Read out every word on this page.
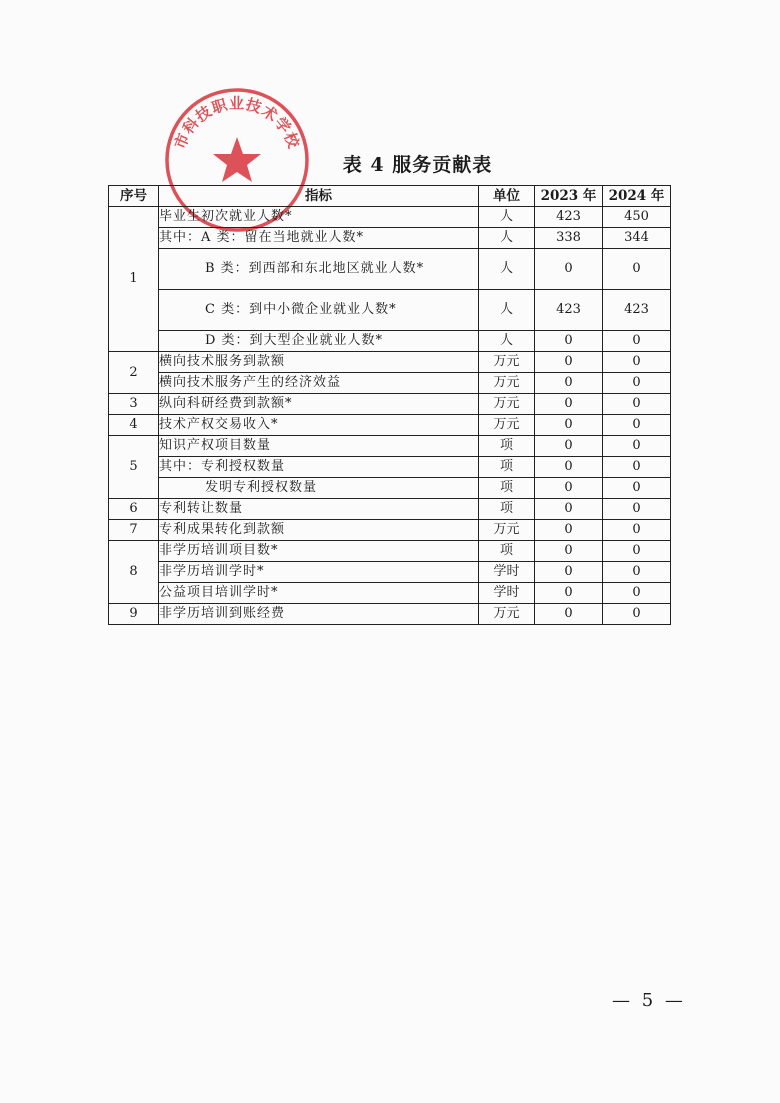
市科技职业技术学校
表 4 服务贡献表
序号	指标	单位	2023 年	2024 年
1	毕业生初次就业人数*	人	423	450
	其中：A 类：留在当地就业人数*	人	338	344
	B 类：到西部和东北地区就业人数*	人	0	0
	C 类：到中小微企业就业人数*	人	423	423
	D 类：到大型企业就业人数*	人	0	0
2	横向技术服务到款额	万元	0	0
	横向技术服务产生的经济效益	万元	0	0
3	纵向科研经费到款额*	万元	0	0
4	技术产权交易收入*	万元	0	0
5	知识产权项目数量	项	0	0
	其中：专利授权数量	项	0	0
	发明专利授权数量	项	0	0
6	专利转让数量	项	0	0
7	专利成果转化到款额	万元	0	0
8	非学历培训项目数*	项	0	0
	非学历培训学时*	学时	0	0
	公益项目培训学时*	学时	0	0
9	非学历培训到账经费	万元	0	0
— 5 —
